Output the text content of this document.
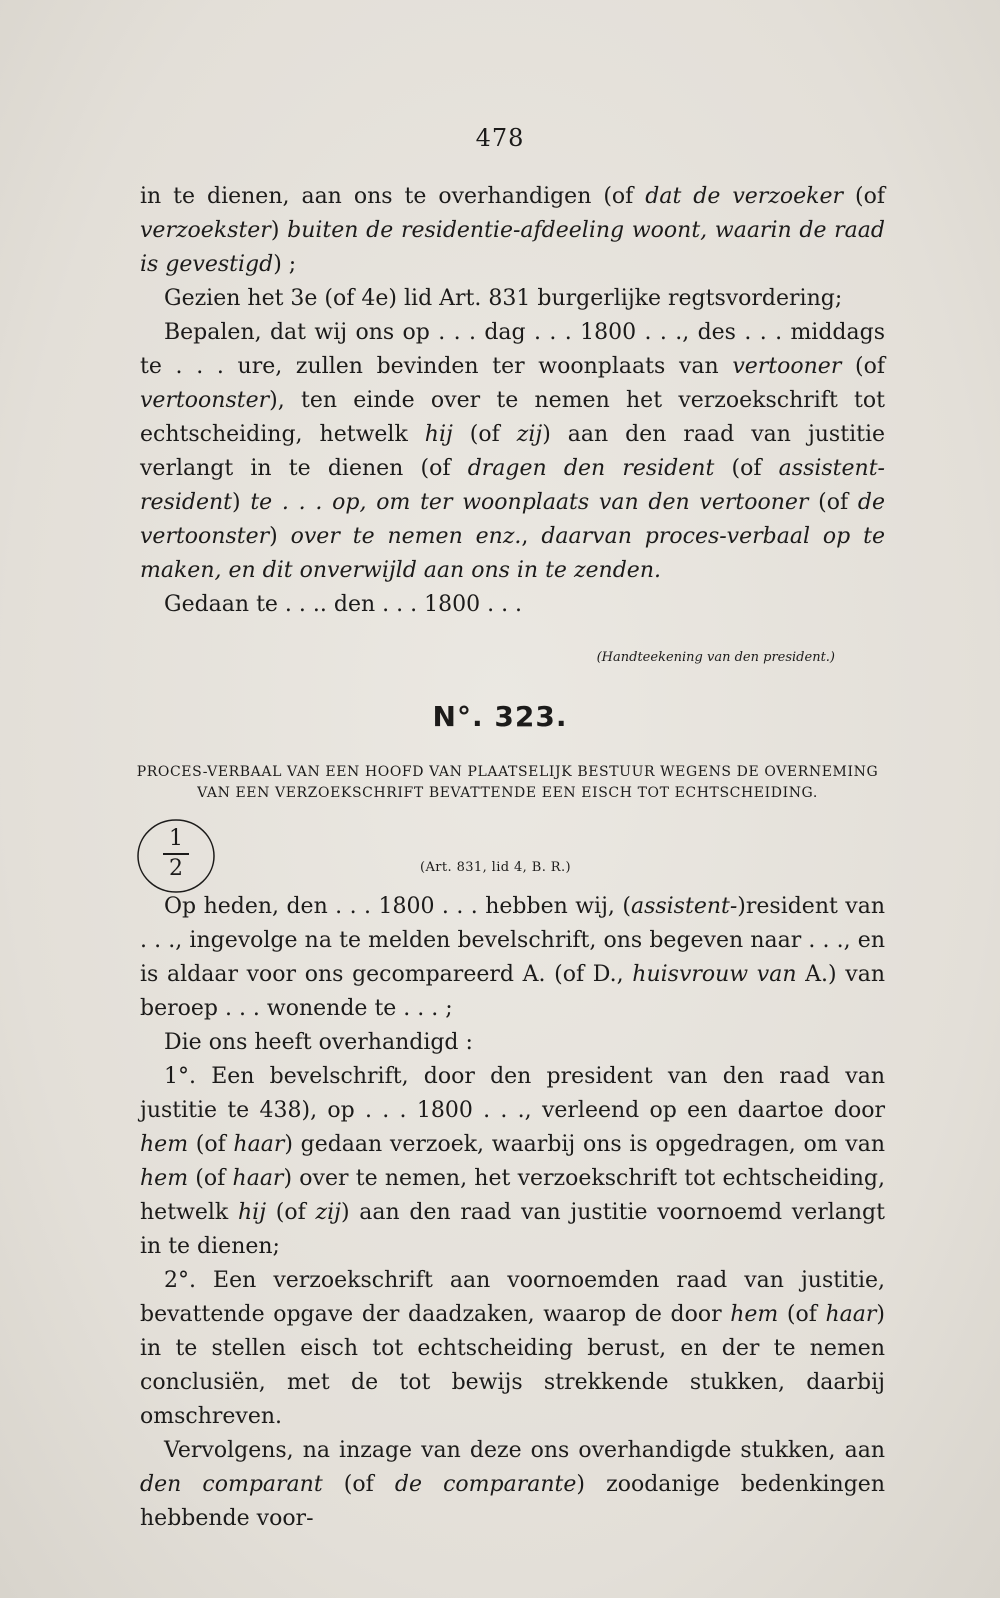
478

in te dienen, aan ons te overhandigen (of dat de verzoeker (of verzoekster) buiten de residentie-afdeeling woont, waarin de raad is gevestigd) ;

Gezien het 3e (of 4e) lid Art. 831 burgerlijke regtsvordering;

Bepalen, dat wij ons op . . . dag . . . 1800 . . ., des . . . middags te . . . ure, zullen bevinden ter woonplaats van vertooner (of vertoonster), ten einde over te nemen het verzoekschrift tot echtscheiding, hetwelk hij (of zij) aan den raad van justitie verlangt in te dienen (of dragen den resident (of assistent-resident) te . . . op, om ter woonplaats van den vertooner (of de vertoonster) over te nemen enz., daarvan proces-verbaal op te maken, en dit onverwijld aan ons in te zenden.

Gedaan te . . .. den . . . 1800 . . .

(Handteekening van den president.)
N°. 323.
PROCES-VERBAAL VAN EEN HOOFD VAN PLAATSELIJK BESTUUR WEGENS DE OVERNEMING VAN EEN VERZOEKSCHRIFT BEVATTENDE EEN EISCH TOT ECHTSCHEIDING.
1
2	(Art. 831, lid 4, B. R.)

Op heden, den . . . 1800 . . . hebben wij, (assistent-)resident van . . ., ingevolge na te melden bevelschrift, ons begeven naar . . ., en is aldaar voor ons gecompareerd A. (of D., huisvrouw van A.) van beroep . . . wonende te . . . ;

Die ons heeft overhandigd :

1°. Een bevelschrift, door den president van den raad van justitie te 438), op . . . 1800 . . ., verleend op een daartoe door hem (of haar) gedaan verzoek, waarbij ons is opgedragen, om van hem (of haar) over te nemen, het verzoekschrift tot echtscheiding, hetwelk hij (of zij) aan den raad van justitie voornoemd verlangt in te dienen;

2°. Een verzoekschrift aan voornoemden raad van justitie, bevattende opgave der daadzaken, waarop de door hem (of haar) in te stellen eisch tot echtscheiding berust, en der te nemen conclusiën, met de tot bewijs strekkende stukken, daarbij omschreven.

Vervolgens, na inzage van deze ons overhandigde stukken, aan den comparant (of de comparante) zoodanige bedenkingen hebbende voor-
